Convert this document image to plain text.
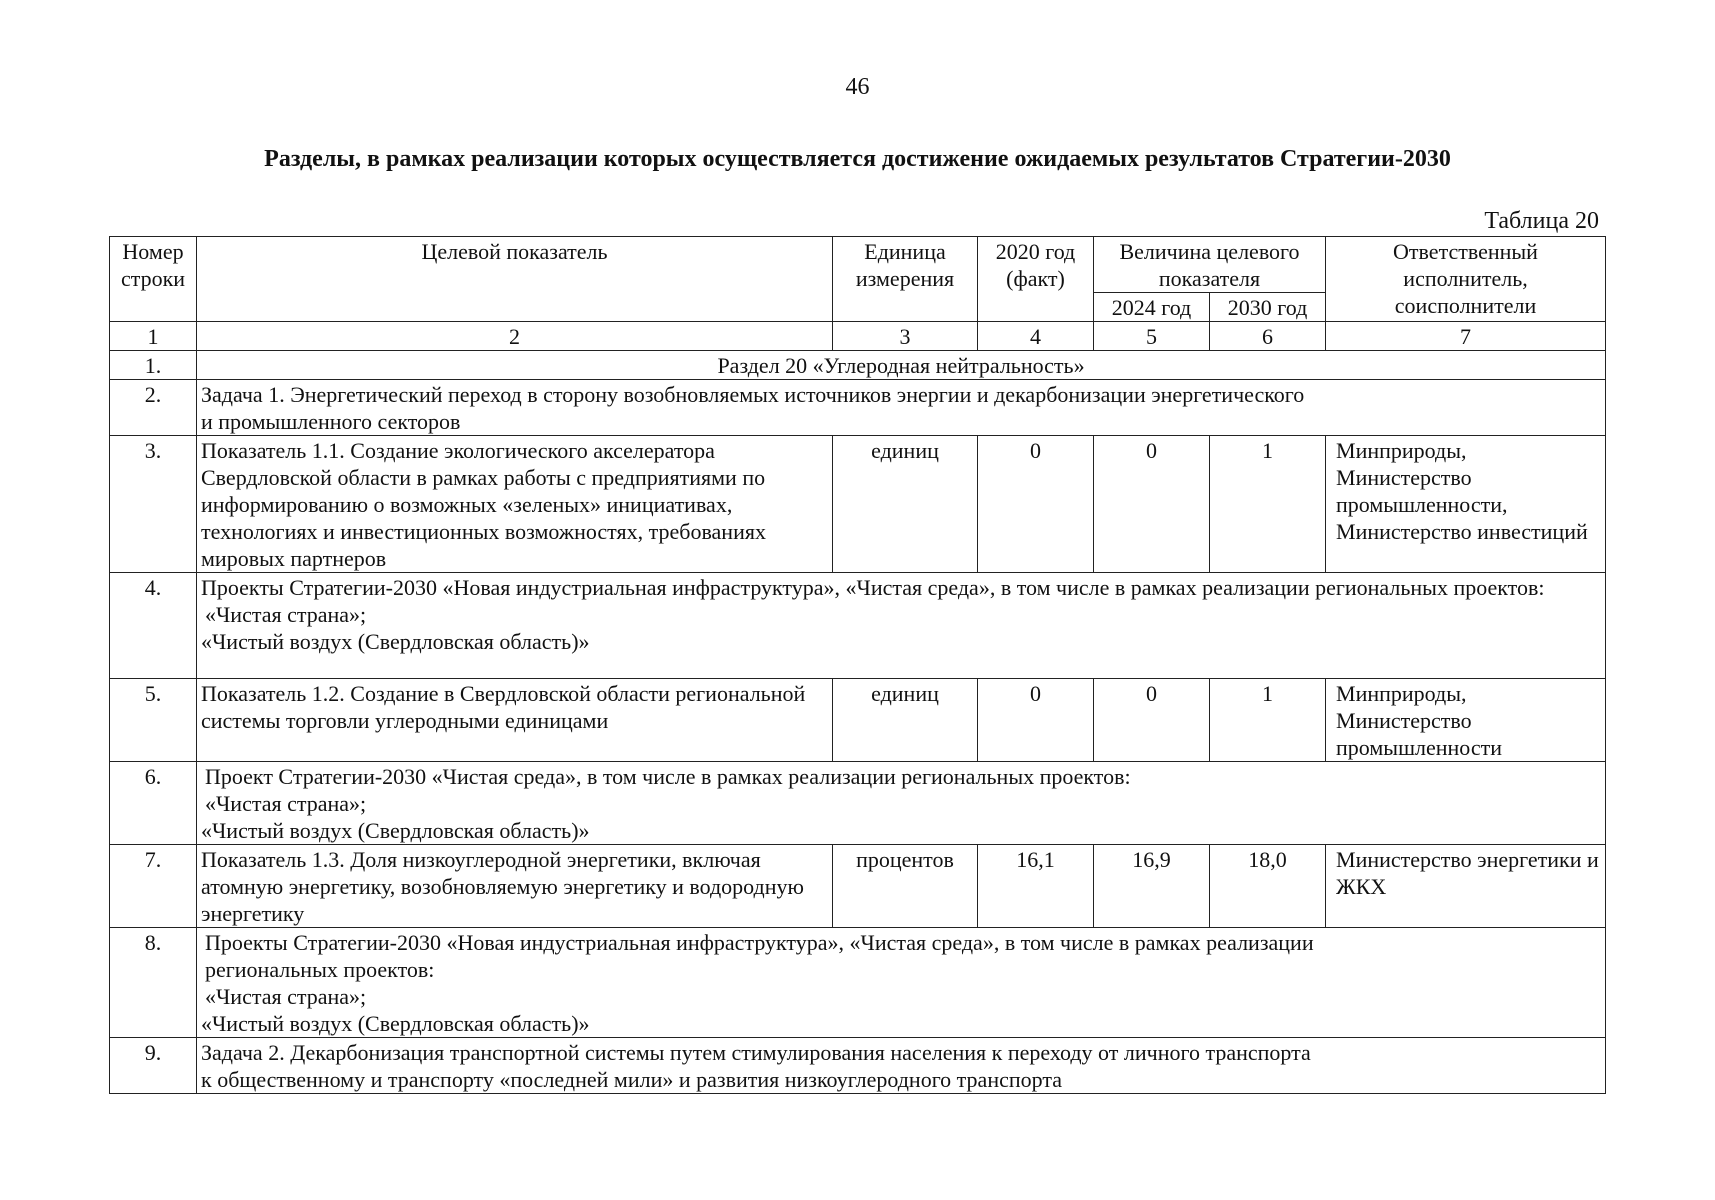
46
Разделы, в рамках реализации которых осуществляется достижение ожидаемых результатов Стратегии-2030
Таблица 20
Номер строки	Целевой показатель	Единица измерения	2020 год (факт)	Величина целевого показателя		Ответственный исполнитель, соисполнители
				2024 год	2030 год	
1	2	3	4	5	6	7
1.	Раздел 20 «Углеродная нейтральность»					
2.	Задача 1. Энергетический переход в сторону возобновляемых источников энергии и декарбонизации энергетического
и промышленного секторов					

3.	Показатель 1.1. Создание экологического акселератора Свердловской области в рамках работы с предприятиями по информированию о возможных «зеленых» инициативах, технологиях и инвестиционных возможностях, требованиях мировых партнеров	единиц	0	0	1	Минприроды, Министерство промышленности, Министерство инвестиций
4.	Проекты Стратегии-2030 «Новая индустриальная инфраструктура», «Чистая среда», в том числе в рамках реализации региональных проектов:
«Чистая страна»;
«Чистый воздух (Свердловская область)»					

5.	Показатель 1.2. Создание в Свердловской области региональной системы торговли углеродными единицами	единиц	0	0	1	Минприроды, Министерство промышленности
6.	Проект Стратегии-2030 «Чистая среда», в том числе в рамках реализации региональных проектов:
«Чистая страна»;
«Чистый воздух (Свердловская область)»					

7.	Показатель 1.3. Доля низкоуглеродной энергетики, включая атомную энергетику, возобновляемую энергетику и водородную энергетику	процентов	16,1	16,9	18,0	Министерство энергетики и ЖКХ
8.	Проекты Стратегии-2030 «Новая индустриальная инфраструктура», «Чистая среда», в том числе в рамках реализации
региональных проектов:
«Чистая страна»;
«Чистый воздух (Свердловская область)»					

9.	Задача 2. Декарбонизация транспортной системы путем стимулирования населения к переходу от личного транспорта
к общественному и транспорту «последней мили» и развития низкоуглеродного транспорта					
